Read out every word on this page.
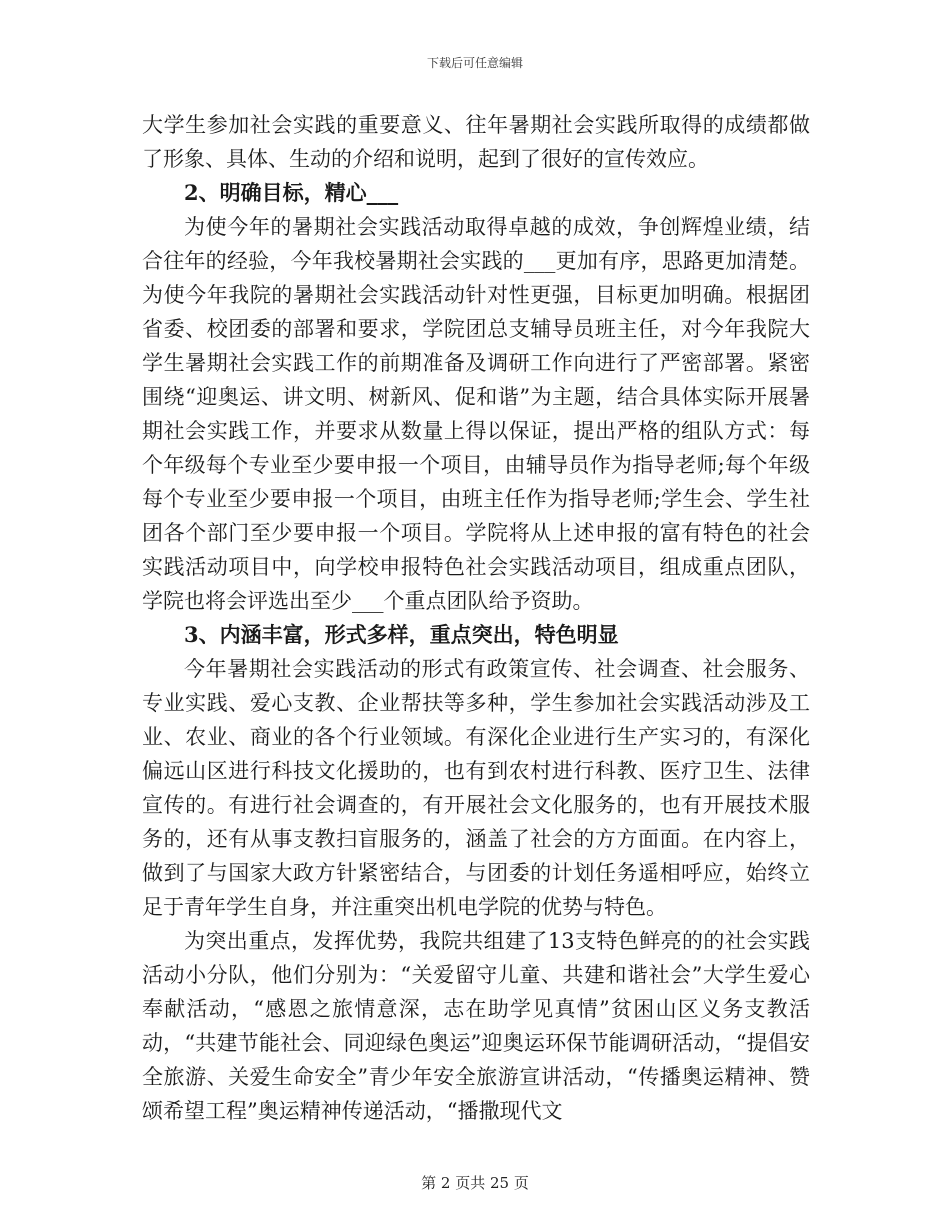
下载后可任意编辑

大学生参加社会实践的重要意义、往年暑期社会实践所取得的成绩都做了形象、具体、生动的介绍和说明，起到了很好的宣传效应。

2、明确目标，精心___

为使今年的暑期社会实践活动取得卓越的成效，争创辉煌业绩，结合往年的经验，今年我校暑期社会实践的___更加有序，思路更加清楚。为使今年我院的暑期社会实践活动针对性更强，目标更加明确。根据团省委、校团委的部署和要求，学院团总支辅导员班主任，对今年我院大学生暑期社会实践工作的前期准备及调研工作向进行了严密部署。紧密围绕“迎奥运、讲文明、树新风、促和谐”为主题，结合具体实际开展暑期社会实践工作，并要求从数量上得以保证，提出严格的组队方式：每个年级每个专业至少要申报一个项目，由辅导员作为指导老师;每个年级每个专业至少要申报一个项目，由班主任作为指导老师;学生会、学生社团各个部门至少要申报一个项目。学院将从上述申报的富有特色的社会实践活动项目中，向学校申报特色社会实践活动项目，组成重点团队，学院也将会评选出至少___个重点团队给予资助。

3、内涵丰富，形式多样，重点突出，特色明显

今年暑期社会实践活动的形式有政策宣传、社会调查、社会服务、专业实践、爱心支教、企业帮扶等多种，学生参加社会实践活动涉及工业、农业、商业的各个行业领域。有深化企业进行生产实习的，有深化偏远山区进行科技文化援助的，也有到农村进行科教、医疗卫生、法律宣传的。有进行社会调查的，有开展社会文化服务的，也有开展技术服务的，还有从事支教扫盲服务的，涵盖了社会的方方面面。在内容上，做到了与国家大政方针紧密结合，与团委的计划任务遥相呼应，始终立足于青年学生自身，并注重突出机电学院的优势与特色。

为突出重点，发挥优势，我院共组建了13支特色鲜亮的的社会实践活动小分队，他们分别为：“关爱留守儿童、共建和谐社会”大学生爱心奉献活动，“感恩之旅情意深，志在助学见真情”贫困山区义务支教活动，“共建节能社会、同迎绿色奥运”迎奥运环保节能调研活动，“提倡安全旅游、关爱生命安全”青少年安全旅游宣讲活动，“传播奥运精神、赞颂希望工程”奥运精神传递活动，“播撒现代文

第 2 页共 25 页
